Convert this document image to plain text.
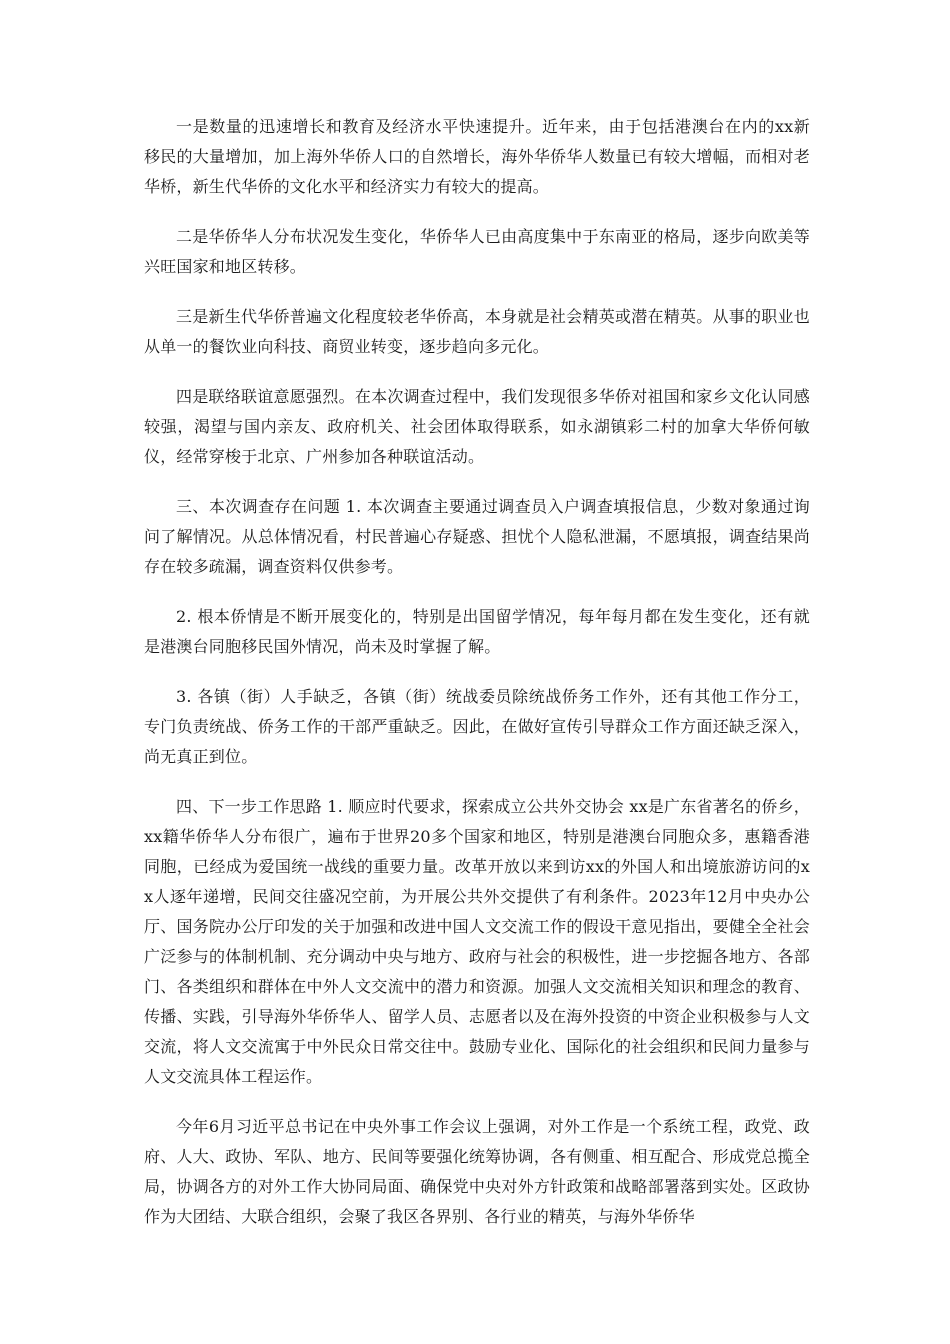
一是数量的迅速增长和教育及经济水平快速提升。近年来，由于包括港澳台在内的xx新移民的大量增加，加上海外华侨人口的自然增长，海外华侨华人数量已有较大增幅，而相对老华桥，新生代华侨的文化水平和经济实力有较大的提高。

二是华侨华人分布状况发生变化，华侨华人已由高度集中于东南亚的格局，逐步向欧美等兴旺国家和地区转移。

三是新生代华侨普遍文化程度较老华侨高，本身就是社会精英或潜在精英。从事的职业也从单一的餐饮业向科技、商贸业转变，逐步趋向多元化。

四是联络联谊意愿强烈。在本次调查过程中，我们发现很多华侨对祖国和家乡文化认同感较强，渴望与国内亲友、政府机关、社会团体取得联系，如永湖镇彩二村的加拿大华侨何敏仪，经常穿梭于北京、广州参加各种联谊活动。

三、本次调查存在问题 1. 本次调查主要通过调查员入户调查填报信息，少数对象通过询问了解情况。从总体情况看，村民普遍心存疑惑、担忧个人隐私泄漏，不愿填报，调查结果尚存在较多疏漏，调查资料仅供参考。

2. 根本侨情是不断开展变化的，特别是出国留学情况，每年每月都在发生变化，还有就是港澳台同胞移民国外情况，尚未及时掌握了解。

3. 各镇（街）人手缺乏，各镇（街）统战委员除统战侨务工作外，还有其他工作分工，专门负责统战、侨务工作的干部严重缺乏。因此，在做好宣传引导群众工作方面还缺乏深入，尚无真正到位。

四、下一步工作思路 1. 顺应时代要求，探索成立公共外交协会 xx是广东省著名的侨乡，xx籍华侨华人分布很广，遍布于世界20多个国家和地区，特别是港澳台同胞众多，惠籍香港同胞，已经成为爱国统一战线的重要力量。改革开放以来到访xx的外国人和出境旅游访问的xx人逐年递增，民间交往盛况空前，为开展公共外交提供了有利条件。2023年12月中央办公厅、国务院办公厅印发的关于加强和改进中国人文交流工作的假设干意见指出，要健全全社会广泛参与的体制机制、充分调动中央与地方、政府与社会的积极性，进一步挖掘各地方、各部门、各类组织和群体在中外人文交流中的潜力和资源。加强人文交流相关知识和理念的教育、传播、实践，引导海外华侨华人、留学人员、志愿者以及在海外投资的中资企业积极参与人文交流，将人文交流寓于中外民众日常交往中。鼓励专业化、国际化的社会组织和民间力量参与人文交流具体工程运作。

今年6月习近平总书记在中央外事工作会议上强调，对外工作是一个系统工程，政党、政府、人大、政协、军队、地方、民间等要强化统筹协调，各有侧重、相互配合、形成党总揽全局，协调各方的对外工作大协同局面、确保党中央对外方针政策和战略部署落到实处。区政协作为大团结、大联合组织，会聚了我区各界别、各行业的精英，与海外华侨华
